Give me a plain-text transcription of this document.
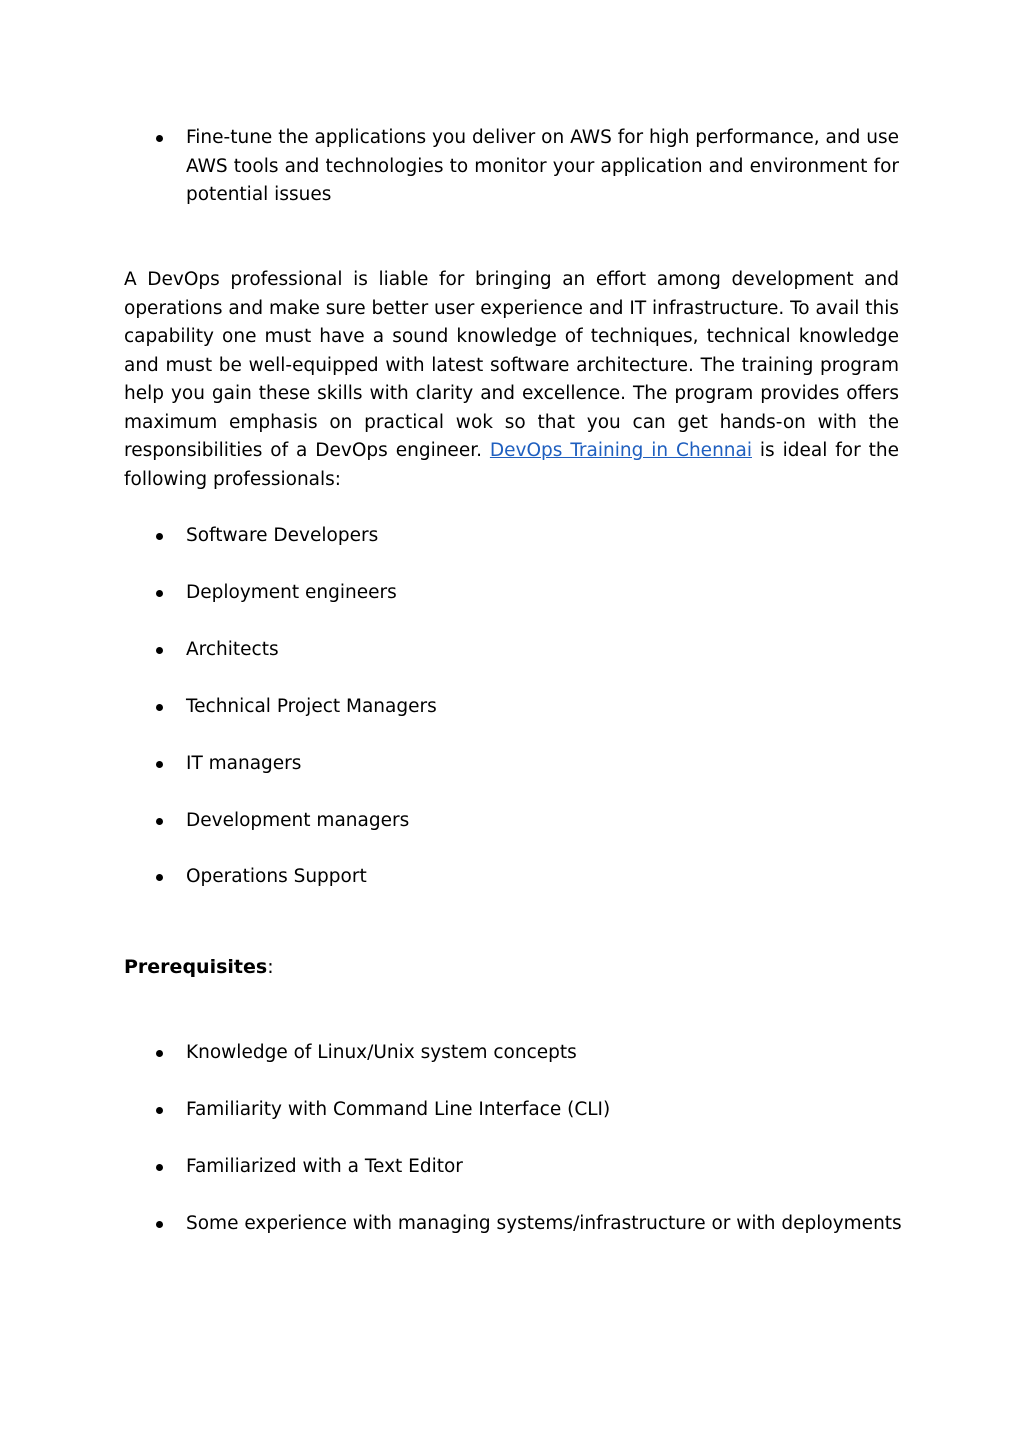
Fine-tune the applications you deliver on AWS for high performance, and use AWS tools and technologies to monitor your application and environment for potential issues
A DevOps professional is liable for bringing an effort among development and operations and make sure better user experience and IT infrastructure. To avail this capability one must have a sound knowledge of techniques, technical knowledge and must be well-equipped with latest software architecture. The training program help you gain these skills with clarity and excellence. The program provides offers maximum emphasis on practical wok so that you can get hands-on with the responsibilities of a DevOps engineer. DevOps Training in Chennai is ideal for the following professionals:
Software Developers
Deployment engineers
Architects
Technical Project Managers
IT managers
Development managers
Operations Support
Prerequisites:
Knowledge of Linux/Unix system concepts
Familiarity with Command Line Interface (CLI)
Familiarized with a Text Editor
Some experience with managing systems/infrastructure or with deployments
